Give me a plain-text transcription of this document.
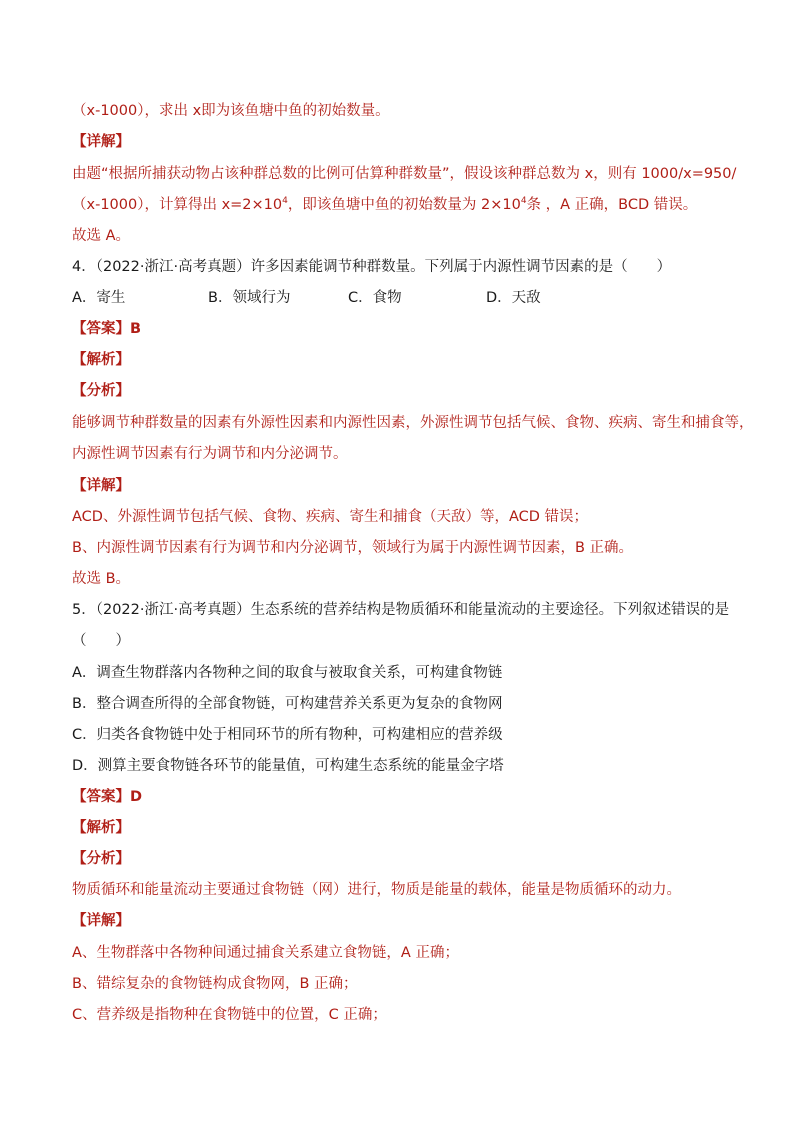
（x-1000），求出 x即为该鱼塘中鱼的初始数量。
【详解】
由题“根据所捕获动物占该种群总数的比例可估算种群数量”，假设该种群总数为 x，则有 1000/x=950/
（x-1000），计算得出 $x=2\times 10^4$，即该鱼塘中鱼的初始数量为 $2\times 10^4$条 ，A 正确，BCD 错误。
故选 A。
4．（2022·浙江·高考真题）许多因素能调节种群数量。下列属于内源性调节因素的是（　　）
A．寄生	B．领域行为	C．食物	D．天敌
【答案】B
【解析】
【分析】
能够调节种群数量的因素有外源性因素和内源性因素，外源性调节包括气候、食物、疾病、寄生和捕食等，
内源性调节因素有行为调节和内分泌调节。
【详解】
ACD、外源性调节包括气候、食物、疾病、寄生和捕食（天敌）等，ACD 错误；
B、内源性调节因素有行为调节和内分泌调节，领域行为属于内源性调节因素，B 正确。
故选 B。
5．（2022·浙江·高考真题）生态系统的营养结构是物质循环和能量流动的主要途径。下列叙述错误的是
（　　）
A．调查生物群落内各物种之间的取食与被取食关系，可构建食物链
B．整合调查所得的全部食物链，可构建营养关系更为复杂的食物网
C．归类各食物链中处于相同环节的所有物种，可构建相应的营养级
D．测算主要食物链各环节的能量值，可构建生态系统的能量金字塔
【答案】D
【解析】
【分析】
物质循环和能量流动主要通过食物链（网）进行，物质是能量的载体，能量是物质循环的动力。
【详解】
A、生物群落中各物种间通过捕食关系建立食物链，A 正确；
B、错综复杂的食物链构成食物网，B 正确；
C、营养级是指物种在食物链中的位置，C 正确；
